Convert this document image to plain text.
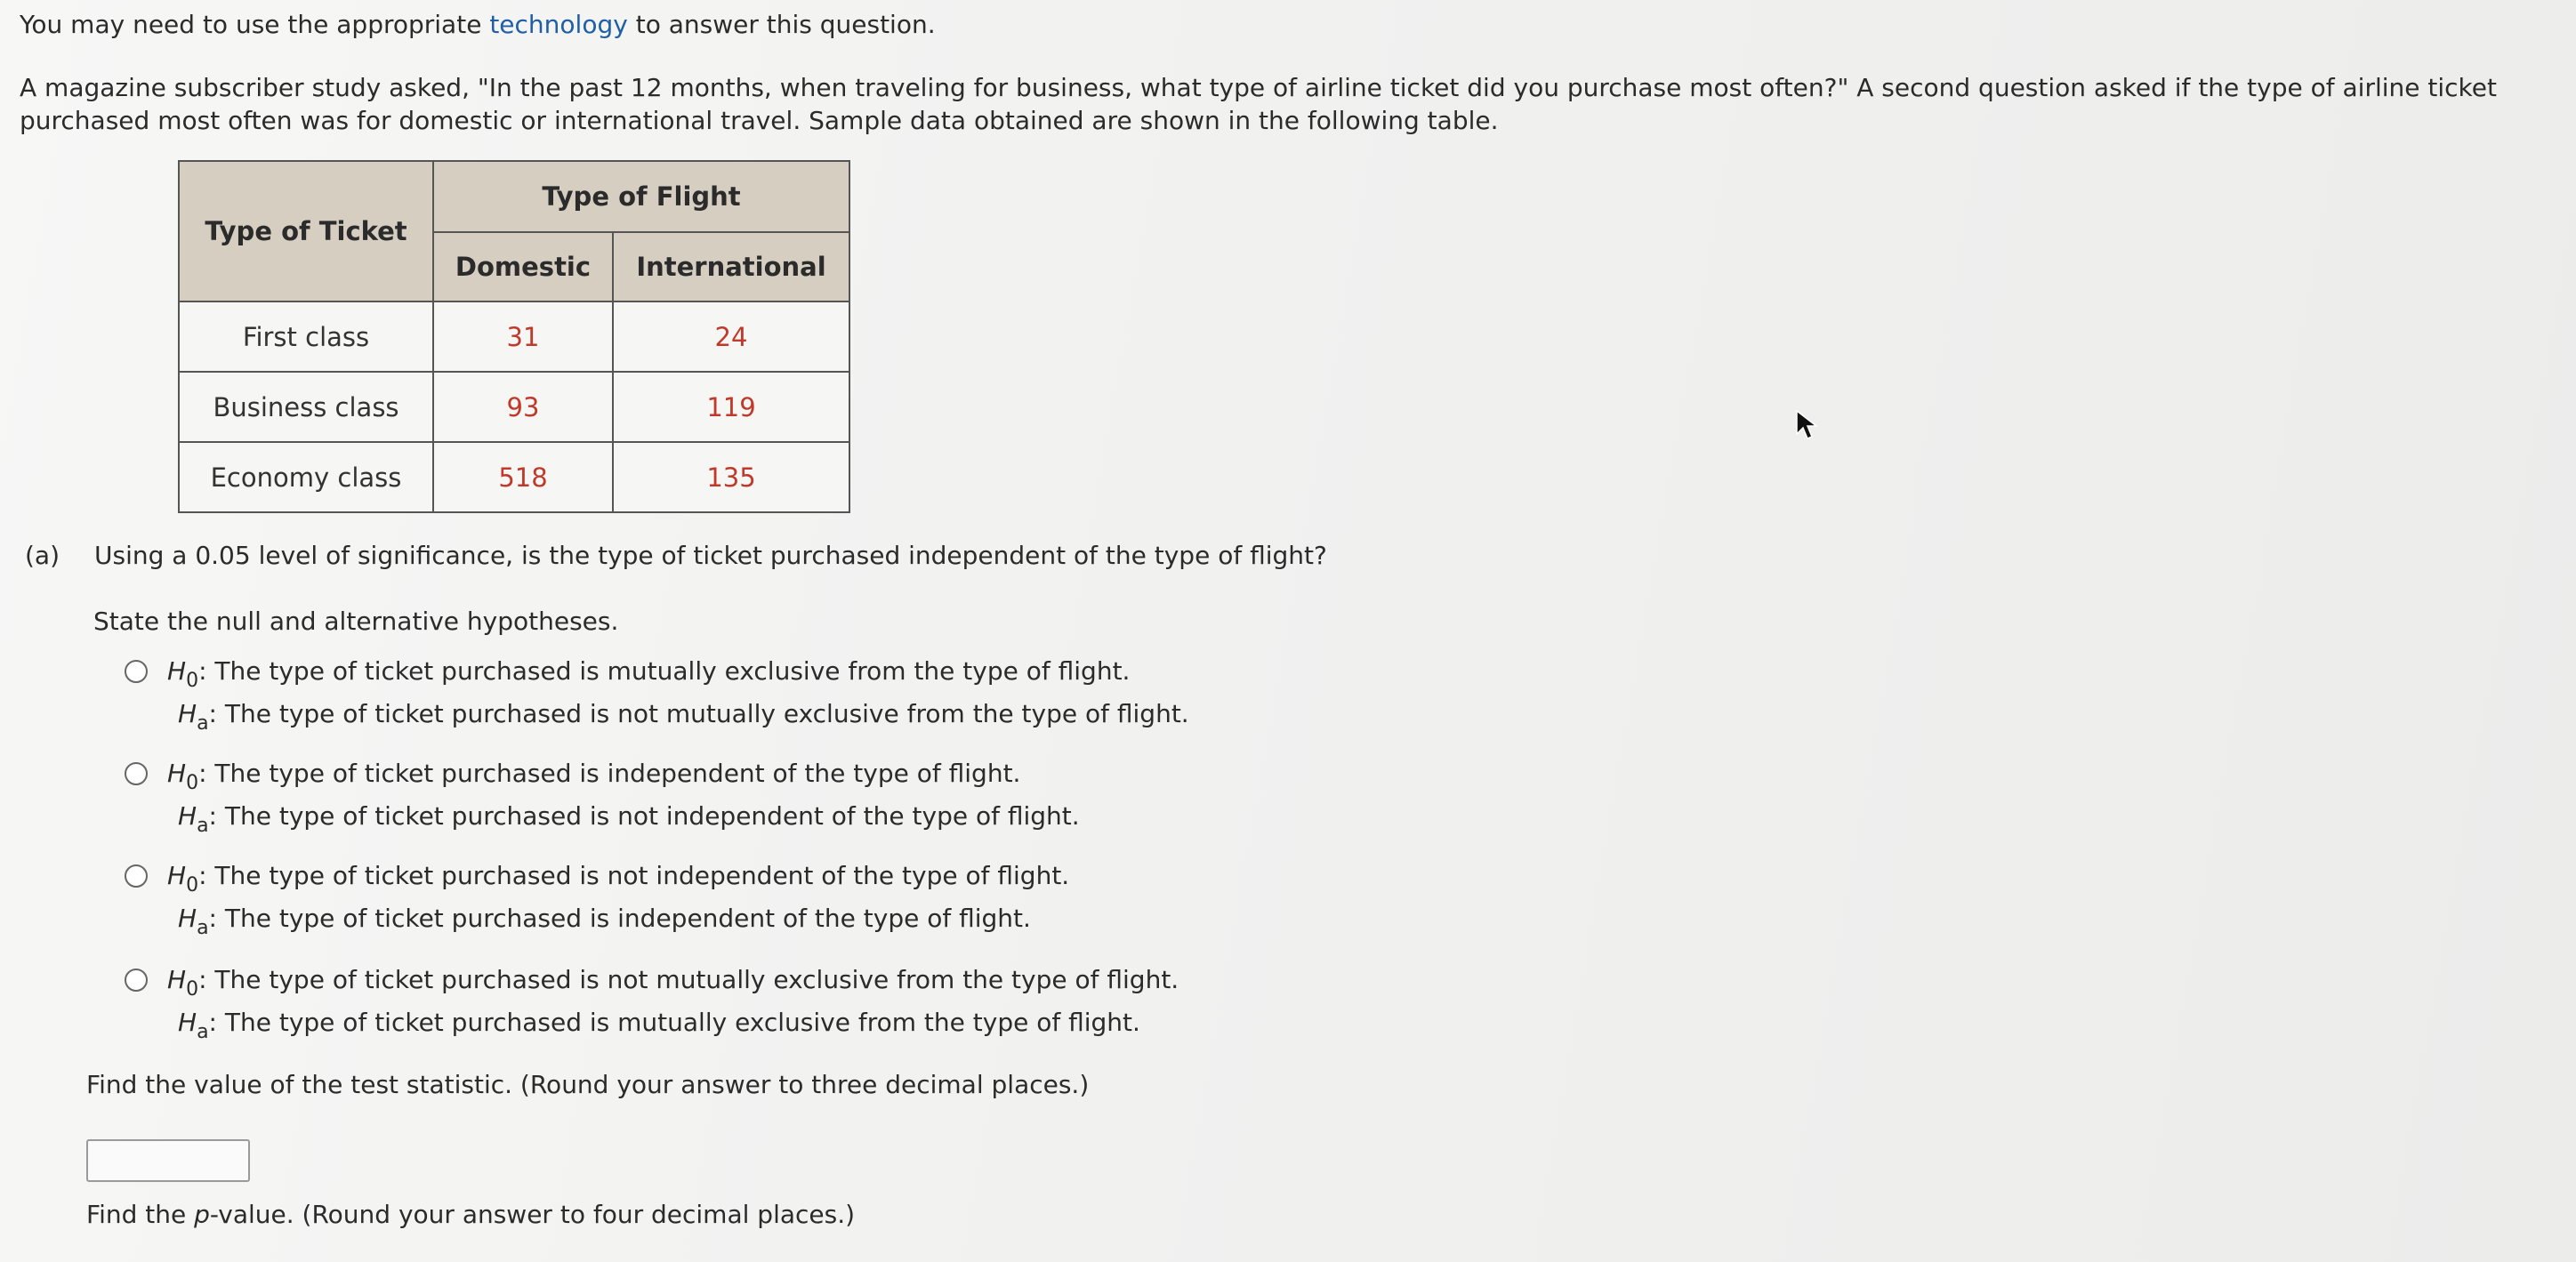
You may need to use the appropriate technology to answer this question.

A magazine subscriber study asked, "In the past 12 months, when traveling for business, what type of airline ticket did you purchase most often?" A second question asked if the type of airline ticket purchased most often was for domestic or international travel. Sample data obtained are shown in the following table.

Type of Ticket	Type of Flight	
	Domestic	International
First class	31	24
Business class	93	119
Economy class	518	135

(a) Using a 0.05 level of significance, is the type of ticket purchased independent of the type of flight?

State the null and alternative hypotheses.

$H_0$: The type of ticket purchased is mutually exclusive from the type of flight.
$H_a$: The type of ticket purchased is not mutually exclusive from the type of flight.
$H_0$: The type of ticket purchased is independent of the type of flight.
$H_a$: The type of ticket purchased is not independent of the type of flight.
$H_0$: The type of ticket purchased is not independent of the type of flight.
$H_a$: The type of ticket purchased is independent of the type of flight.
$H_0$: The type of ticket purchased is not mutually exclusive from the type of flight.
$H_a$: The type of ticket purchased is mutually exclusive from the type of flight.

Find the value of the test statistic. (Round your answer to three decimal places.)

Find the p-value. (Round your answer to four decimal places.)
